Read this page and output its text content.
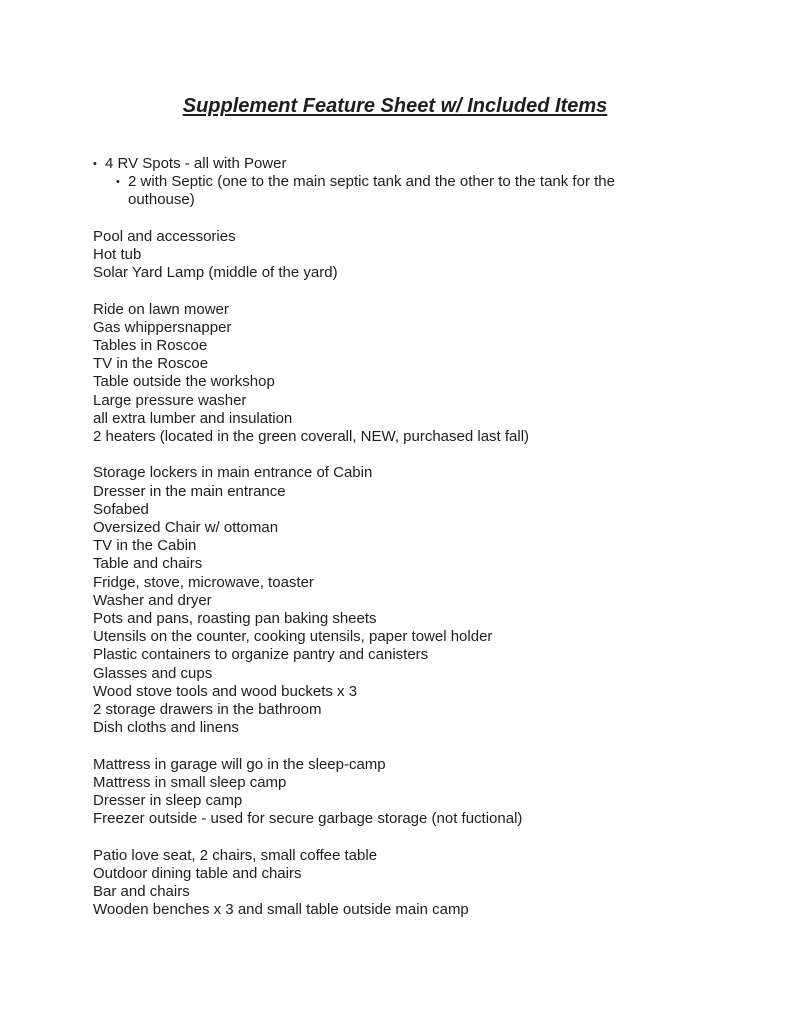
Supplement Feature Sheet w/ Included Items
• 4 RV Spots - all with Power
• 2 with Septic (one to the main septic tank and the other to the tank for the outhouse)
Pool and accessories
Hot tub
Solar Yard Lamp (middle of the yard)
Ride on lawn mower
Gas whippersnapper
Tables in Roscoe
TV in the Roscoe
Table outside the workshop
Large pressure washer
all extra lumber and insulation
2 heaters (located in the green coverall, NEW, purchased last fall)
Storage lockers in main entrance of Cabin
Dresser in the main entrance
Sofabed
Oversized Chair w/ ottoman
TV in the Cabin
Table and chairs
Fridge, stove, microwave, toaster
Washer and dryer
Pots and pans, roasting pan baking sheets
Utensils on the counter, cooking utensils, paper towel holder
Plastic containers to organize pantry and canisters
Glasses and cups
Wood stove tools and wood buckets x 3
2 storage drawers in the bathroom
Dish cloths and linens
Mattress in garage will go in the sleep-camp
Mattress in small sleep camp
Dresser in sleep camp
Freezer outside - used for secure garbage storage (not fuctional)
Patio love seat, 2 chairs, small coffee table
Outdoor dining table and chairs
Bar and chairs
Wooden benches x 3 and small table outside main camp
